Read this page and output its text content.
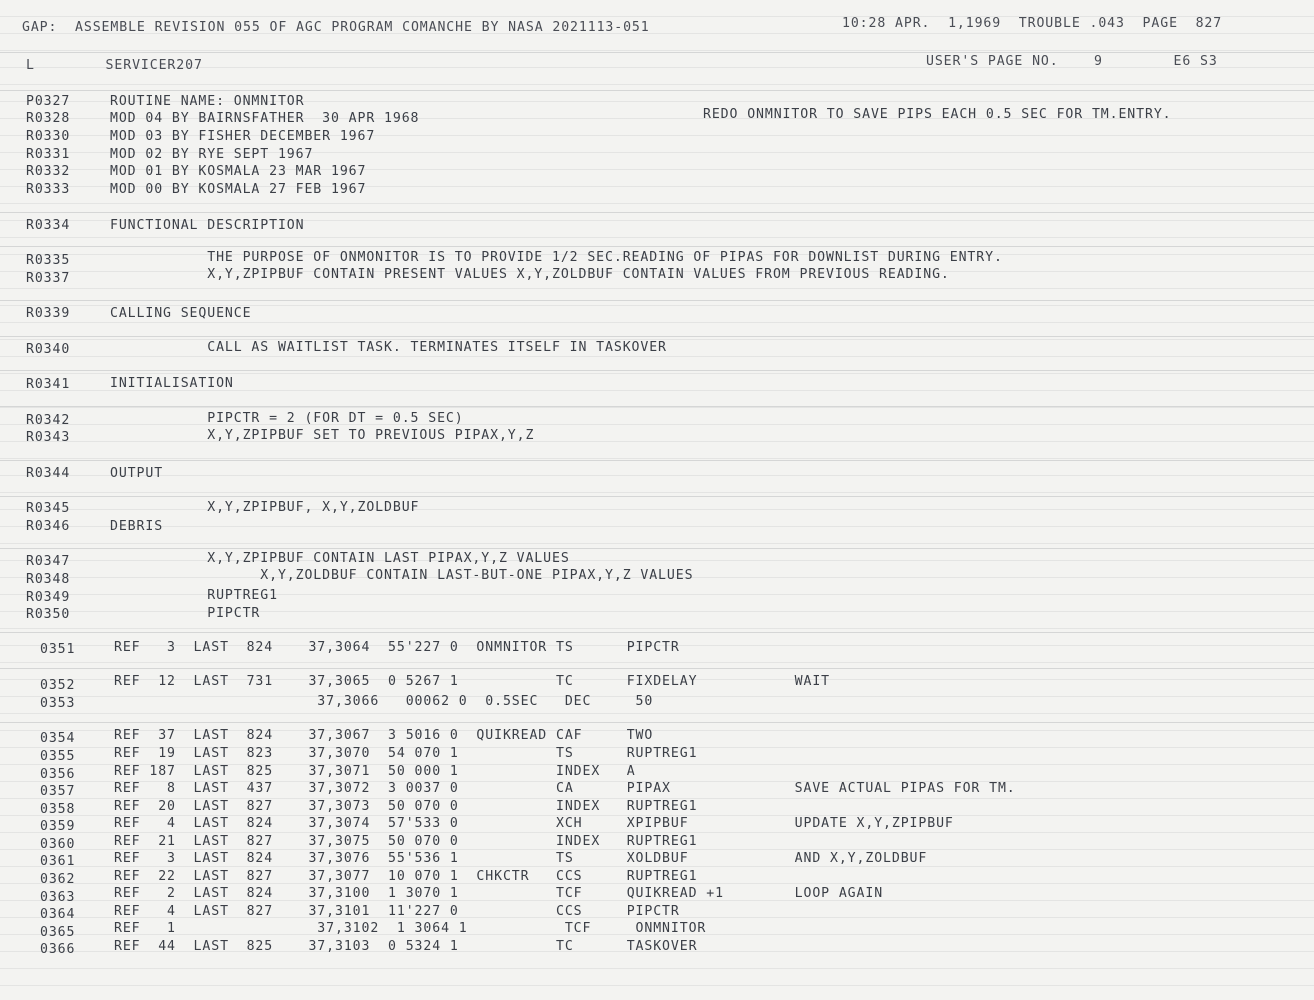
GAP:  ASSEMBLE REVISION 055 OF AGC PROGRAM COMANCHE BY NASA 2021113-051	10:28 APR.  1,1969  TROUBLE .043  PAGE  827
L        SERVICER207	USER'S PAGE NO.    9        E6 S3
P0327	ROUTINE NAME: ONMNITOR
R0328	MOD 04 BY BAIRNSFATHER  30 APR 1968	REDO ONMNITOR TO SAVE PIPS EACH 0.5 SEC FOR TM.ENTRY.
R0330	MOD 03 BY FISHER DECEMBER 1967
R0331	MOD 02 BY RYE SEPT 1967
R0332	MOD 01 BY KOSMALA 23 MAR 1967
R0333	MOD 00 BY KOSMALA 27 FEB 1967
R0334	FUNCTIONAL DESCRIPTION
R0335	THE PURPOSE OF ONMONITOR IS TO PROVIDE 1/2 SEC.READING OF PIPAS FOR DOWNLIST DURING ENTRY.
R0337	X,Y,ZPIPBUF CONTAIN PRESENT VALUES X,Y,ZOLDBUF CONTAIN VALUES FROM PREVIOUS READING.
R0339	CALLING SEQUENCE
R0340	CALL AS WAITLIST TASK. TERMINATES ITSELF IN TASKOVER
R0341	INITIALISATION
R0342	PIPCTR = 2 (FOR DT = 0.5 SEC)
R0343	X,Y,ZPIPBUF SET TO PREVIOUS PIPAX,Y,Z
R0344	OUTPUT
R0345	X,Y,ZPIPBUF, X,Y,ZOLDBUF
R0346	DEBRIS
R0347	X,Y,ZPIPBUF CONTAIN LAST PIPAX,Y,Z VALUES
R0348	X,Y,ZOLDBUF CONTAIN LAST-BUT-ONE PIPAX,Y,Z VALUES
R0349	RUPTREG1
R0350	PIPCTR
0351	REF   3  LAST  824    37,3064  55'227 0  ONMNITOR TS      PIPCTR
0352	REF  12  LAST  731    37,3065  0 5267 1           TC      FIXDELAY           WAIT
0353	37,3066   00062 0  0.5SEC   DEC     50
0354	REF  37  LAST  824    37,3067  3 5016 0  QUIKREAD CAF     TWO
0355	REF  19  LAST  823    37,3070  54 070 1           TS      RUPTREG1
0356	REF 187  LAST  825    37,3071  50 000 1           INDEX   A
0357	REF   8  LAST  437    37,3072  3 0037 0           CA      PIPAX              SAVE ACTUAL PIPAS FOR TM.
0358	REF  20  LAST  827    37,3073  50 070 0           INDEX   RUPTREG1
0359	REF   4  LAST  824    37,3074  57'533 0           XCH     XPIPBUF            UPDATE X,Y,ZPIPBUF
0360	REF  21  LAST  827    37,3075  50 070 0           INDEX   RUPTREG1
0361	REF   3  LAST  824    37,3076  55'536 1           TS      XOLDBUF            AND X,Y,ZOLDBUF
0362	REF  22  LAST  827    37,3077  10 070 1  CHKCTR   CCS     RUPTREG1
0363	REF   2  LAST  824    37,3100  1 3070 1           TCF     QUIKREAD +1        LOOP AGAIN
0364	REF   4  LAST  827    37,3101  11'227 0           CCS     PIPCTR
0365	REF   1                37,3102  1 3064 1           TCF     ONMNITOR
0366	REF  44  LAST  825    37,3103  0 5324 1           TC      TASKOVER
